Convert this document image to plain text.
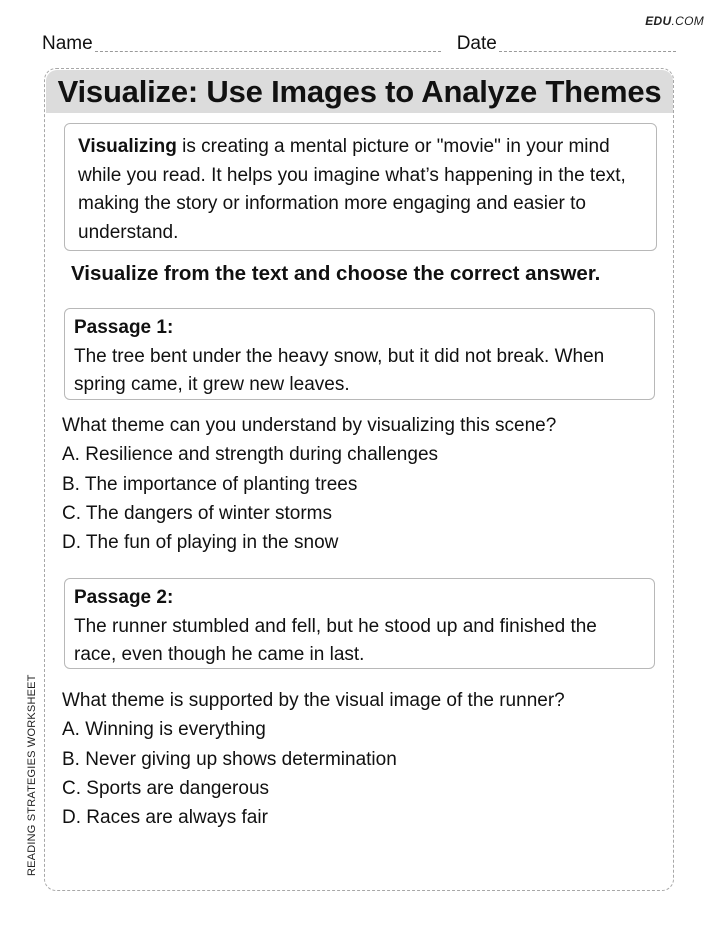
EDU.COM
Name	Date
READING STRATEGIES WORKSHEET
Visualize: Use Images to Analyze Themes
Visualizing is creating a mental picture or "movie" in your mind while you read. It helps you imagine what’s happening in the text, making the story or information more engaging and easier to understand.
Visualize from the text and choose the correct answer.
Passage 1:
The tree bent under the heavy snow, but it did not break. When spring came, it grew new leaves.
What theme can you understand by visualizing this scene?
A. Resilience and strength during challenges
B. The importance of planting trees
C. The dangers of winter storms
D. The fun of playing in the snow
Passage 2:
The runner stumbled and fell, but he stood up and finished the race, even though he came in last.
What theme is supported by the visual image of the runner?
A. Winning is everything
B. Never giving up shows determination
C. Sports are dangerous
D. Races are always fair
